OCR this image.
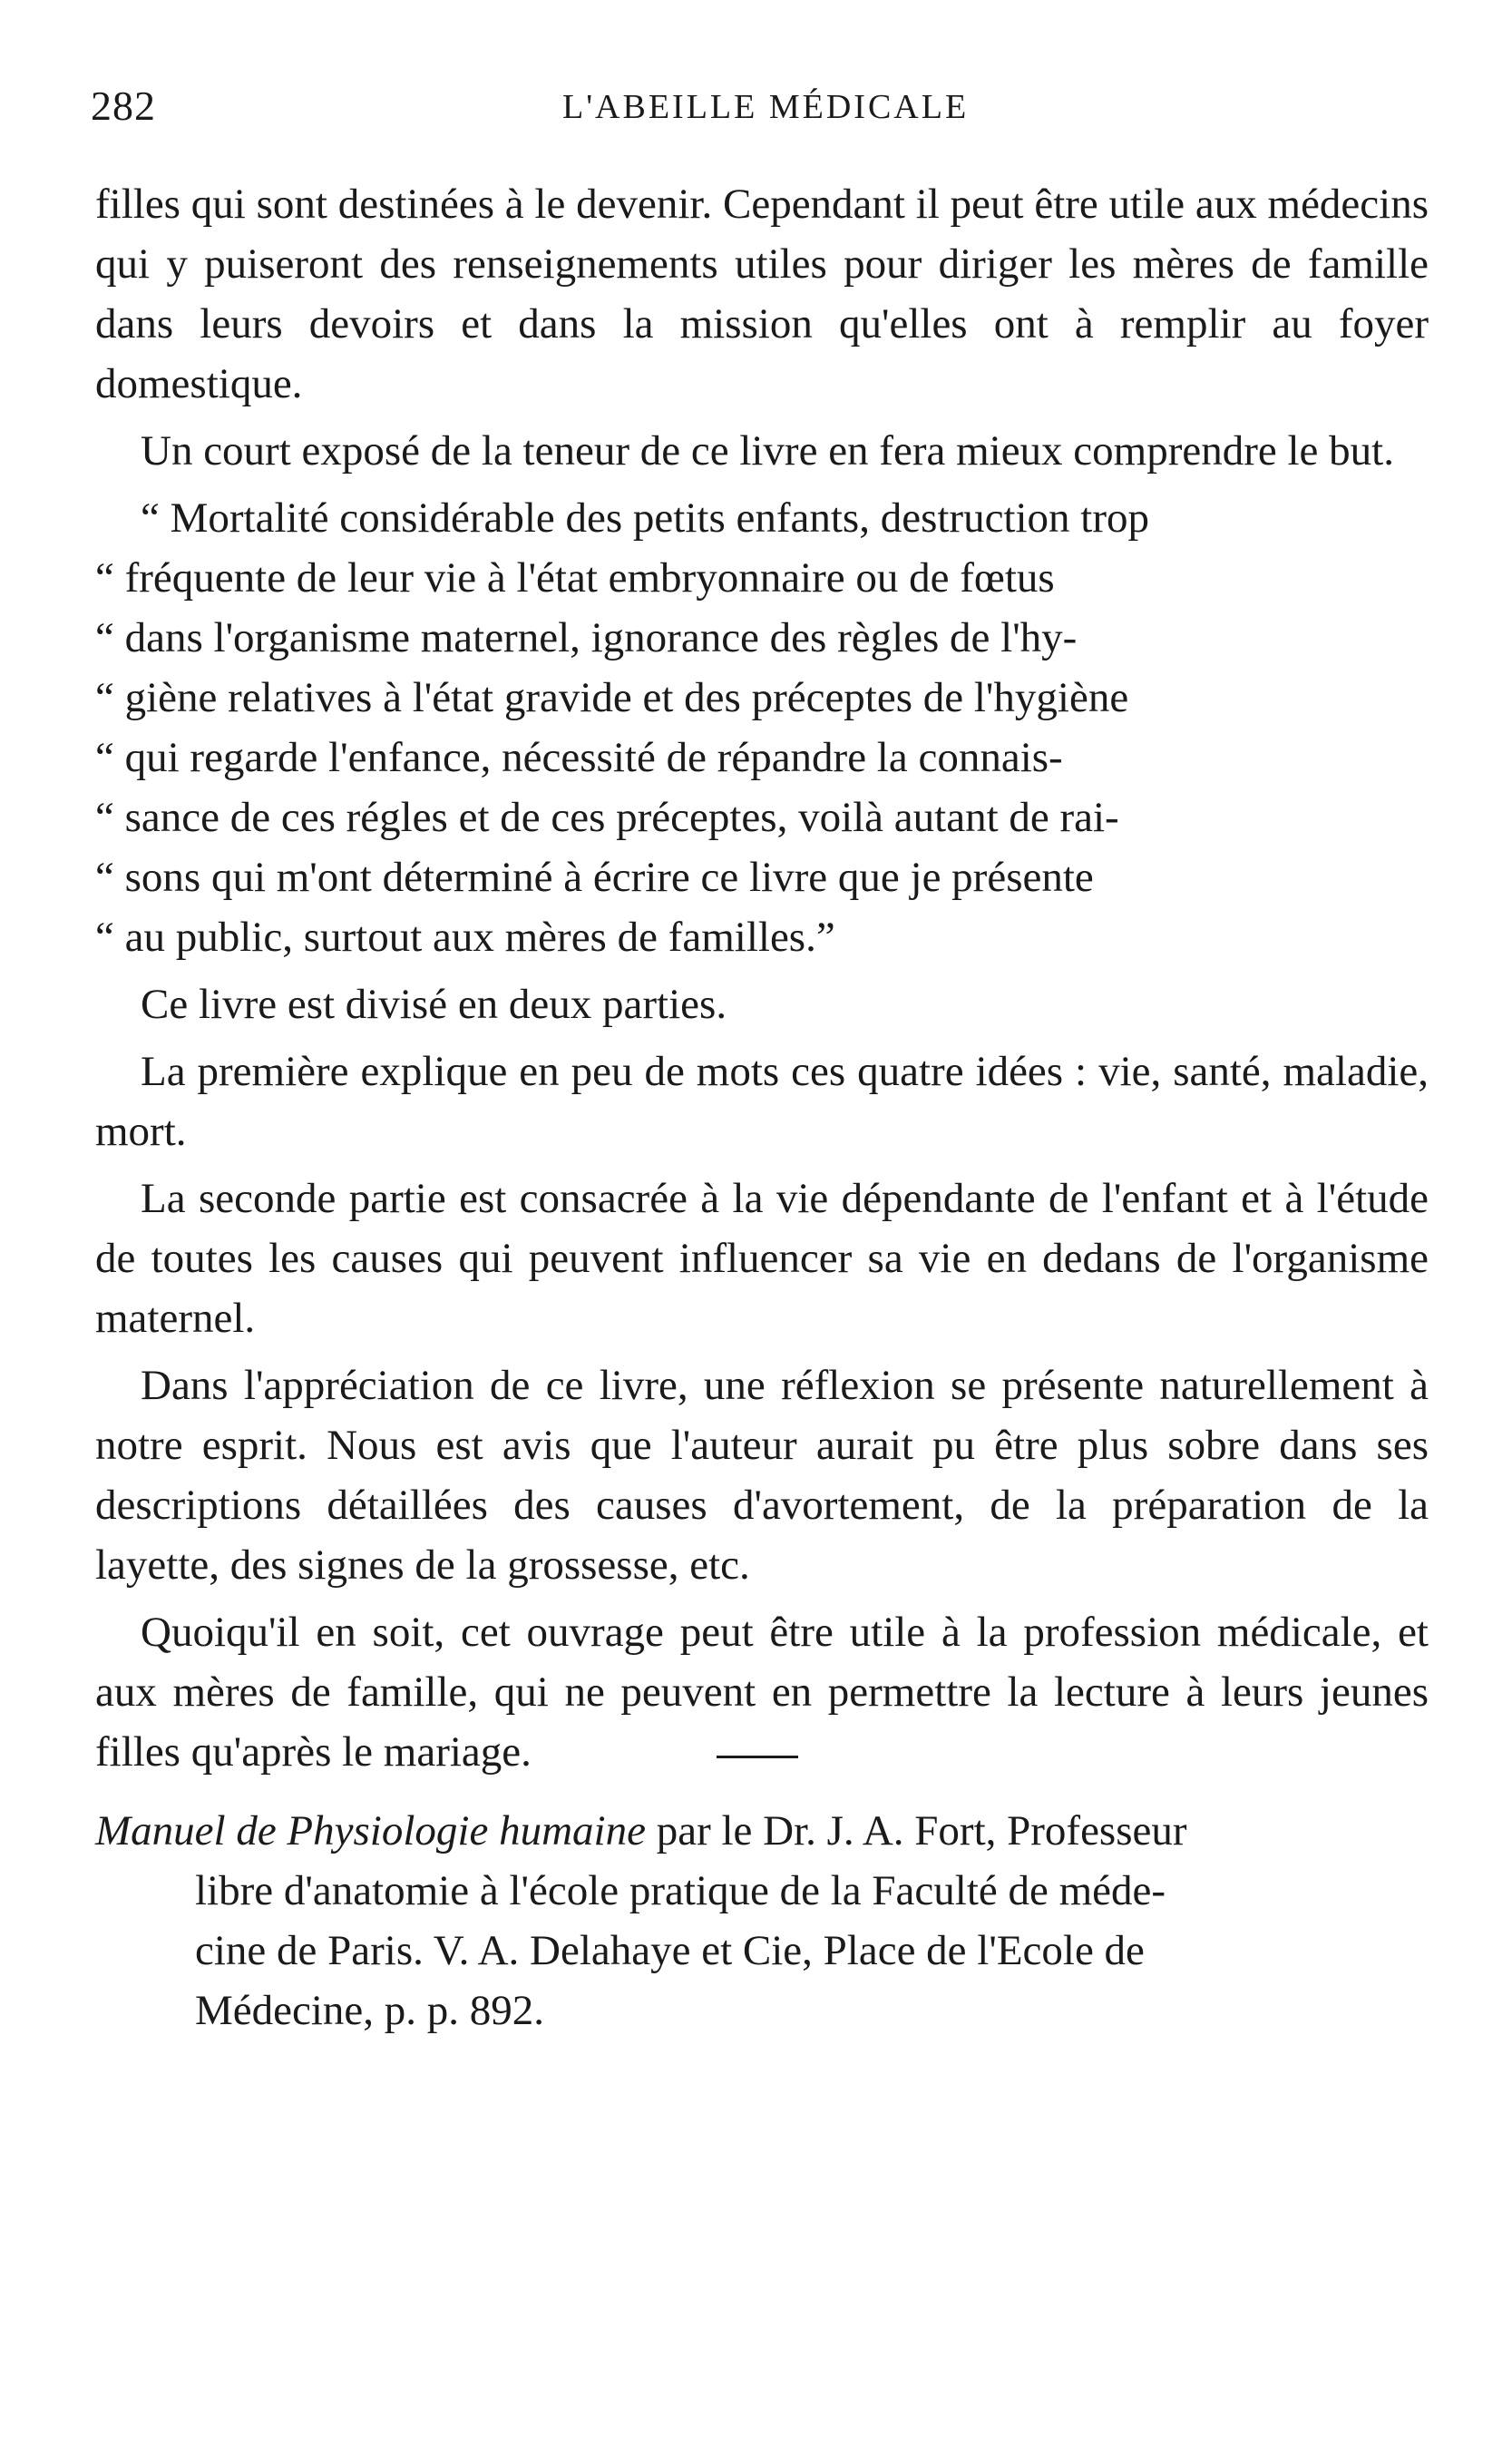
282	L'ABEILLE MÉDICALE

filles qui sont destinées à le devenir. Cependant il peut être utile aux médecins qui y puiseront des renseignements utiles pour diriger les mères de famille dans leurs devoirs et dans la mission qu'elles ont à remplir au foyer domestique.

Un court exposé de la teneur de ce livre en fera mieux comprendre le but.

“ Mortalité considérable des petits enfants, destruction trop
“ fréquente de leur vie à l'état embryonnaire ou de fœtus
“ dans l'organisme maternel, ignorance des règles de l'hy-
“ giène relatives à l'état gravide et des préceptes de l'hygiène
“ qui regarde l'enfance, nécessité de répandre la connais-
“ sance de ces régles et de ces préceptes, voilà autant de rai-
“ sons qui m'ont déterminé à écrire ce livre que je présente
“ au public, surtout aux mères de familles.”

Ce livre est divisé en deux parties.

La première explique en peu de mots ces quatre idées : vie, santé, maladie, mort.

La seconde partie est consacrée à la vie dépendante de l'enfant et à l'étude de toutes les causes qui peuvent influencer sa vie en dedans de l'organisme maternel.

Dans l'appréciation de ce livre, une réflexion se présente naturellement à notre esprit. Nous est avis que l'auteur aurait pu être plus sobre dans ses descriptions détaillées des causes d'avortement, de la préparation de la layette, des signes de la grossesse, etc.

Quoiqu'il en soit, cet ouvrage peut être utile à la profession médicale, et aux mères de famille, qui ne peuvent en permettre la lecture à leurs jeunes filles qu'après le mariage.

Manuel de Physiologie humaine par le Dr. J. A. Fort, Professeur
libre d'anatomie à l'école pratique de la Faculté de méde-
cine de Paris. V. A. Delahaye et Cie, Place de l'Ecole de
Médecine, p. p. 892.
